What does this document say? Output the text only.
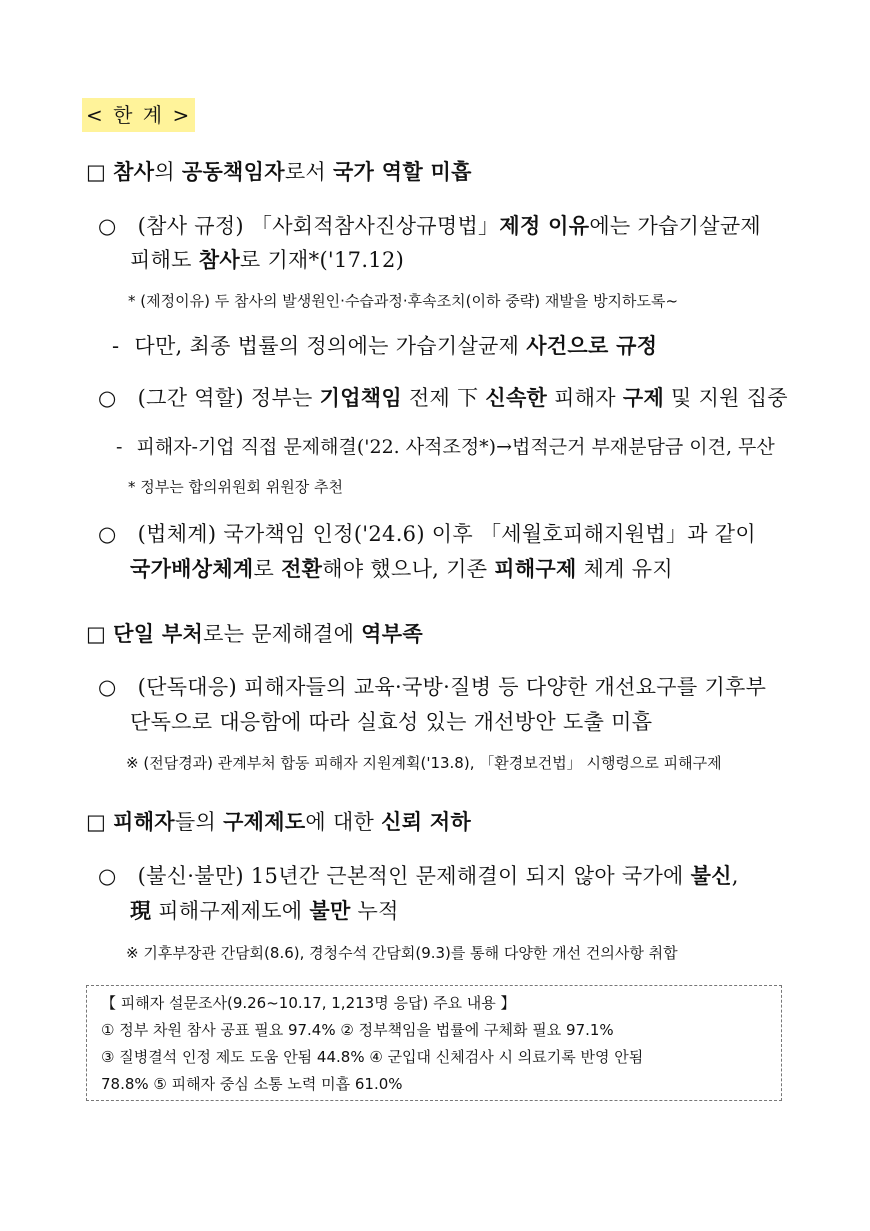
< 한 계 >
□ 참사의 공동책임자로서 국가 역할 미흡
○ (참사 규정) 「사회적참사진상규명법」제정 이유에는 가습기살균제
피해도 참사로 기재*('17.12)
* (제정이유) 두 참사의 발생원인·수습과정·후속조치(이하 중략) 재발을 방지하도록~
- 다만, 최종 법률의 정의에는 가습기살균제 사건으로 규정
○ (그간 역할) 정부는 기업책임 전제 下 신속한 피해자 구제 및 지원 집중
- 피해자-기업 직접 문제해결('22. 사적조정*)→법적근거 부재분담금 이견, 무산
* 정부는 합의위원회 위원장 추천
○ (법체계) 국가책임 인정('24.6) 이후 「세월호피해지원법」과 같이
국가배상체계로 전환해야 했으나, 기존 피해구제 체계 유지
□ 단일 부처로는 문제해결에 역부족
○ (단독대응) 피해자들의 교육·국방·질병 등 다양한 개선요구를 기후부
단독으로 대응함에 따라 실효성 있는 개선방안 도출 미흡
※ (전담경과) 관계부처 합동 피해자 지원계획('13.8), 「환경보건법」 시행령으로 피해구제
□ 피해자들의 구제제도에 대한 신뢰 저하
○ (불신·불만) 15년간 근본적인 문제해결이 되지 않아 국가에 불신,
現 피해구제제도에 불만 누적
※ 기후부장관 간담회(8.6), 경청수석 간담회(9.3)를 통해 다양한 개선 건의사항 취합
【 피해자 설문조사(9.26~10.17, 1,213명 응답) 주요 내용 】
① 정부 차원 참사 공표 필요 97.4% ② 정부책임을 법률에 구체화 필요 97.1%
③ 질병결석 인정 제도 도움 안됨 44.8% ④ 군입대 신체검사 시 의료기록 반영 안됨
78.8% ⑤ 피해자 중심 소통 노력 미흡 61.0%
